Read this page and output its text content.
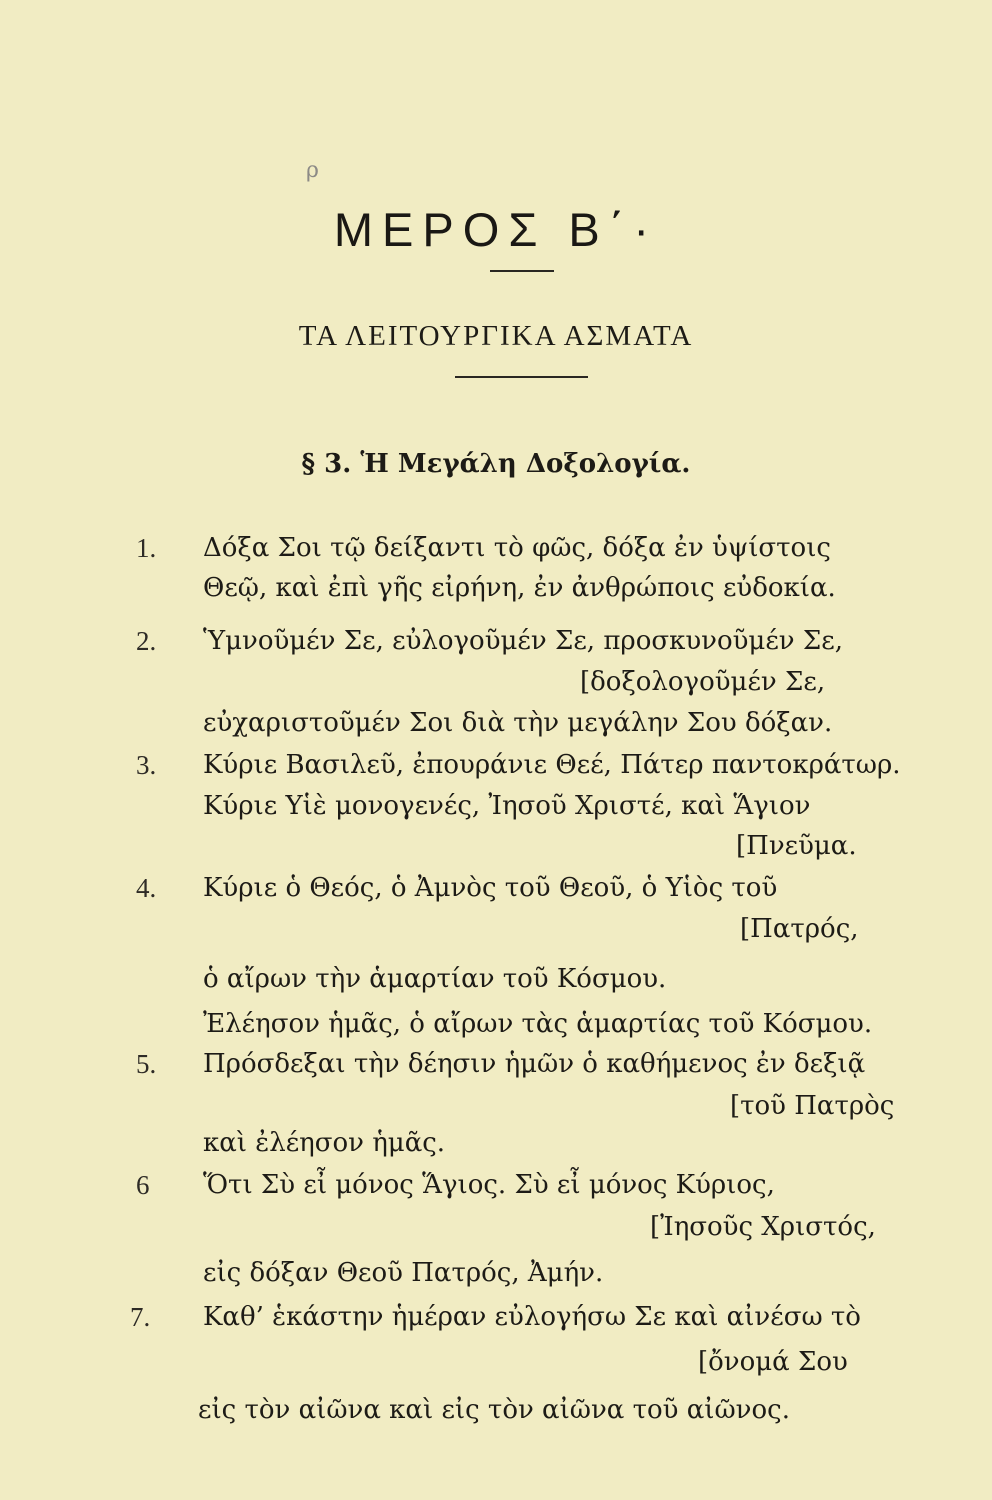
ρ
ΜΕΡΟΣ Β΄·
ΤΑ ΛΕΙΤΟΥΡΓΙΚΑ ΑΣΜΑΤΑ
§ 3. Ἡ Μεγάλη Δοξολογία.
1. Δόξα Σοι τῷ δείξαντι τὸ φῶς, δόξα ἐν ὑψίστοις
Θεῷ, καὶ ἐπὶ γῆς εἰρήνη, ἐν ἀνθρώποις εὐδοκία.
2. Ὑμνοῦμέν Σε, εὐλογοῦμέν Σε, προσκυνοῦμέν Σε,
[δοξολογοῦμέν Σε,
εὐχαριστοῦμέν Σοι διὰ τὴν μεγάλην Σου δόξαν.
3. Κύριε Βασιλεῦ, ἐπουράνιε Θεέ, Πάτερ παντοκράτωρ.
Κύριε Υἱὲ μονογενές, Ἰησοῦ Χριστέ, καὶ Ἅγιον
[Πνεῦμα.
4. Κύριε ὁ Θεός, ὁ Ἀμνὸς τοῦ Θεοῦ, ὁ Υἱὸς τοῦ
[Πατρός,
ὁ αἴρων τὴν ἁμαρτίαν τοῦ Κόσμου.
Ἐλέησον ἡμᾶς, ὁ αἴρων τὰς ἁμαρτίας τοῦ Κόσμου.
5. Πρόσδεξαι τὴν δέησιν ἡμῶν ὁ καθήμενος ἐν δεξιᾷ
[τοῦ Πατρὸς
καὶ ἐλέησον ἡμᾶς.
6 Ὅτι Σὺ εἶ μόνος Ἅγιος. Σὺ εἶ μόνος Κύριος,
[Ἰησοῦς Χριστός,
εἰς δόξαν Θεοῦ Πατρός, Ἀμήν.
7. Καθ’ ἑκάστην ἡμέραν εὐλογήσω Σε καὶ αἰνέσω τὸ
[ὄνομά Σου
εἰς τὸν αἰῶνα καὶ εἰς τὸν αἰῶνα τοῦ αἰῶνος.
